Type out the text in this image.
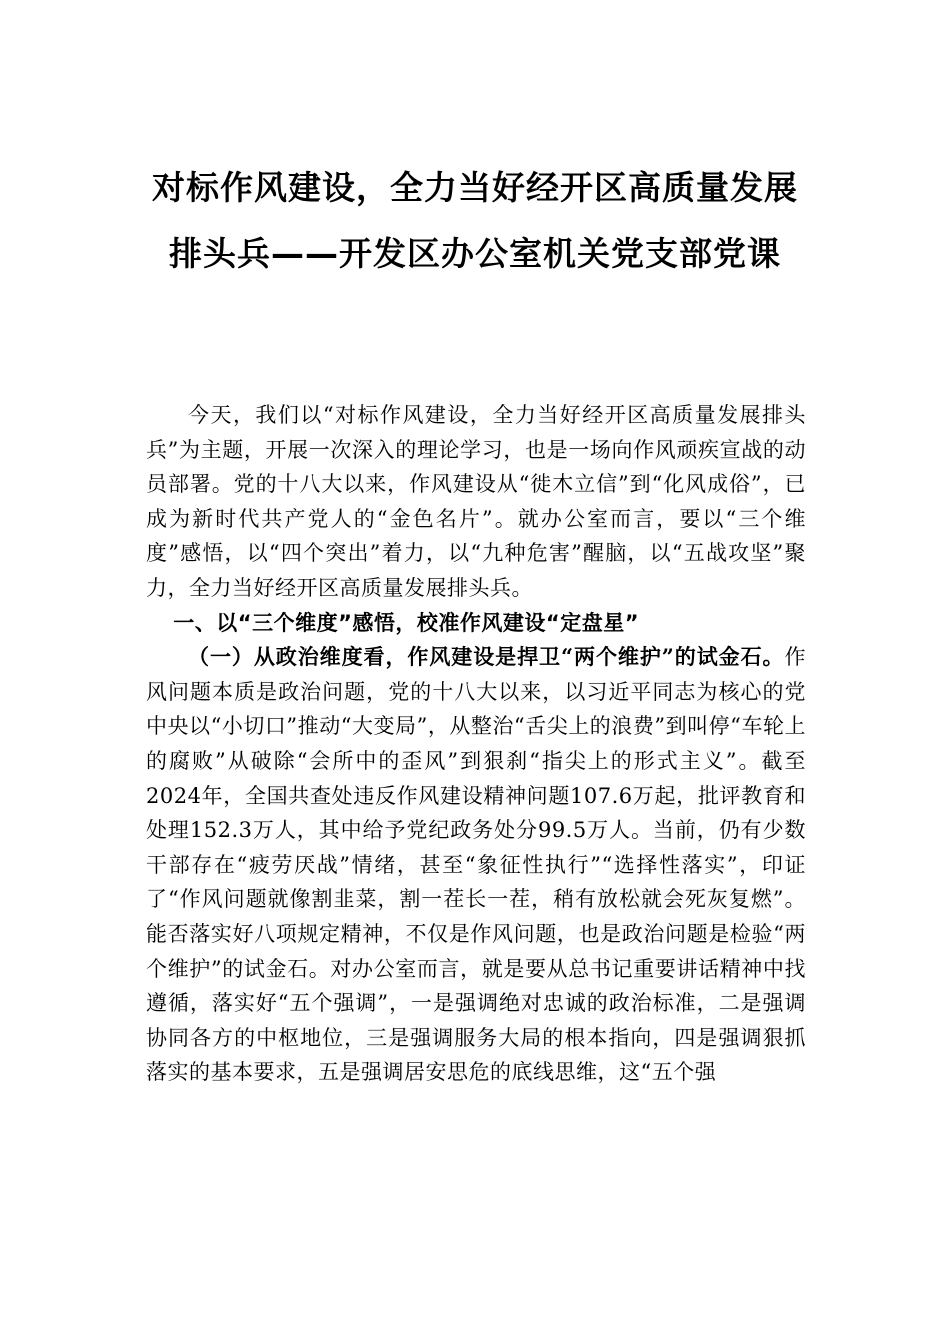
对标作风建设，全力当好经开区高质量发展排头兵——开发区办公室机关党支部党课

今天，我们以“对标作风建设，全力当好经开区高质量发展排头兵”为主题，开展一次深入的理论学习，也是一场向作风顽疾宣战的动员部署。党的十八大以来，作风建设从“徙木立信”到“化风成俗”，已成为新时代共产党人的“金色名片”。就办公室而言，要以“三个维度”感悟，以“四个突出”着力，以“九种危害”醒脑，以“五战攻坚”聚力，全力当好经开区高质量发展排头兵。

一、以“三个维度”感悟，校准作风建设“定盘星”

（一）从政治维度看，作风建设是捍卫“两个维护”的试金石。作风问题本质是政治问题，党的十八大以来，以习近平同志为核心的党中央以“小切口”推动“大变局”，从整治“舌尖上的浪费”到叫停“车轮上的腐败”从破除“会所中的歪风”到狠刹“指尖上的形式主义”。截至2024年，全国共查处违反作风建设精神问题107.6万起，批评教育和处理152.3万人，其中给予党纪政务处分99.5万人。当前，仍有少数干部存在“疲劳厌战”情绪，甚至“象征性执行”“选择性落实”，印证了“作风问题就像割韭菜，割一茬长一茬，稍有放松就会死灰复燃”。能否落实好八项规定精神，不仅是作风问题，也是政治问题是检验“两个维护”的试金石。对办公室而言，就是要从总书记重要讲话精神中找遵循，落实好“五个强调”，一是强调绝对忠诚的政治标准，二是强调协同各方的中枢地位，三是强调服务大局的根本指向，四是强调狠抓落实的基本要求，五是强调居安思危的底线思维，这“五个强
